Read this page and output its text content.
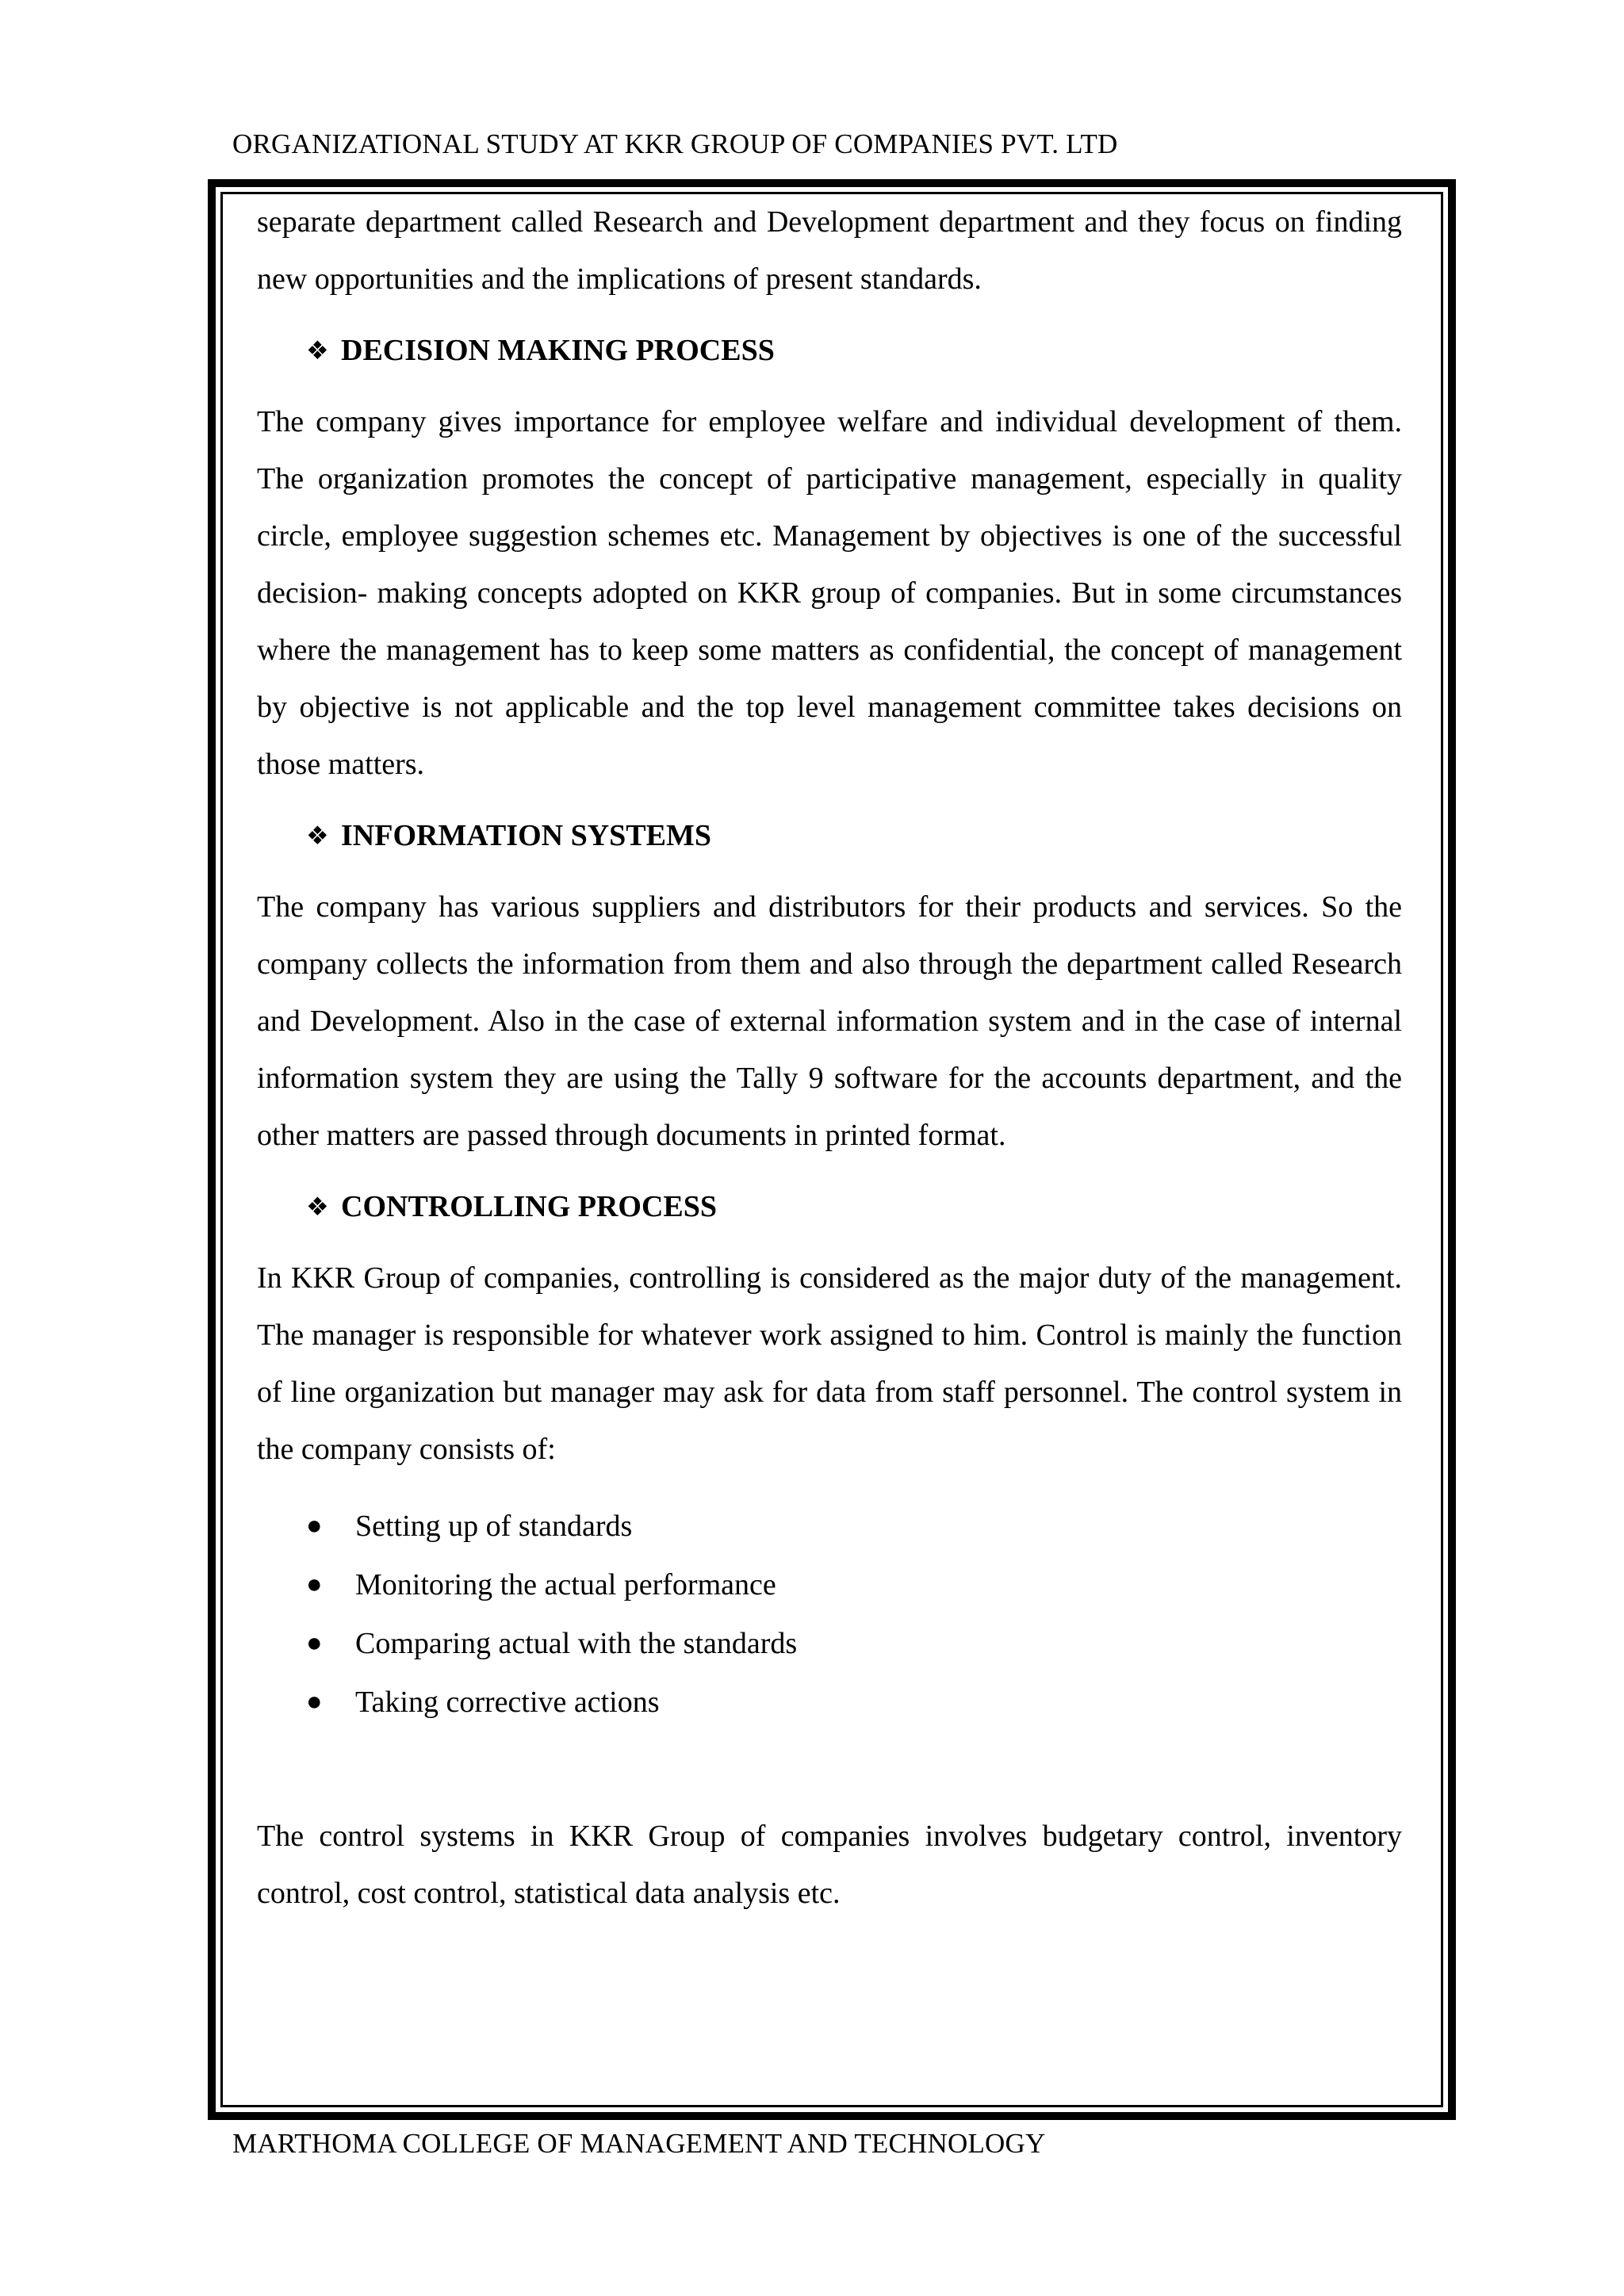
ORGANIZATIONAL STUDY AT KKR GROUP OF COMPANIES PVT. LTD

separate department called Research and Development department and they focus on finding new opportunities and the implications of present standards.

❖ DECISION MAKING PROCESS

The company gives importance for employee welfare and individual development of them. The organization promotes the concept of participative management, especially in quality circle, employee suggestion schemes etc. Management by objectives is one of the successful decision- making concepts adopted on KKR group of companies. But in some circumstances where the management has to keep some matters as confidential, the concept of management by objective is not applicable and the top level management committee takes decisions on those matters.

❖ INFORMATION SYSTEMS

The company has various suppliers and distributors for their products and services. So the company collects the information from them and also through the department called Research and Development. Also in the case of external information system and in the case of internal information system they are using the Tally 9 software for the accounts department, and the other matters are passed through documents in printed format.

❖ CONTROLLING PROCESS

In KKR Group of companies, controlling is considered as the major duty of the management. The manager is responsible for whatever work assigned to him. Control is mainly the function of line organization but manager may ask for data from staff personnel. The control system in the company consists of:

●	Setting up of standards
●	Monitoring the actual performance
●	Comparing actual with the standards
●	Taking corrective actions

The control systems in KKR Group of companies involves budgetary control, inventory control, cost control, statistical data analysis etc.

MARTHOMA COLLEGE OF MANAGEMENT AND TECHNOLOGY
